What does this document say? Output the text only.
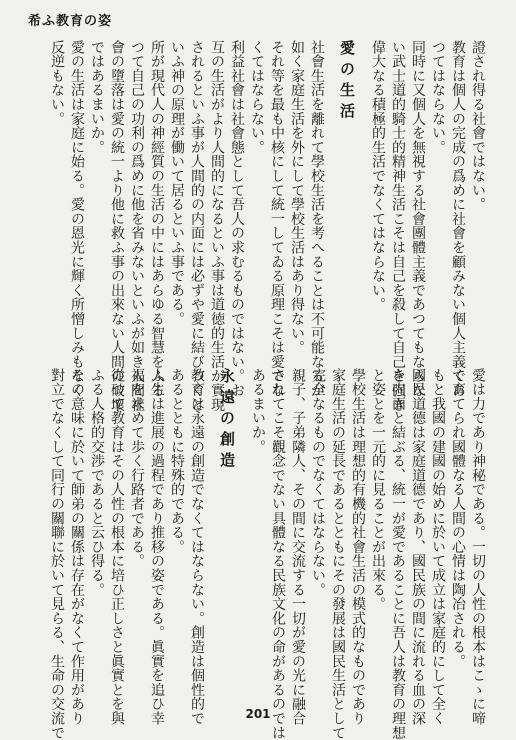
希ふ教育の姿
證され得る社會ではない。
教育は個人の完成の爲めに社會を顧みない個人主義であ
つてはならない。
同時に又個人を無視する社會團體主義であつてもならな
い武士道的騎士的精神生活こそは自己を殺して自己を强き
偉大なる積極的生活でなくてはならない。
愛の生活
社會生活を離れて學校生活を考へることは不可能なるが
如く家庭生活を外にして學校生活はあり得ない。
それ等を最も中核にして統一してゐる原理こそは愛でな
くてはならない。
利益社會は社會態として吾人の求むるものではない。お
互の生活がより人間的になるといふ事は道徳的生活が實現
されるといふ事が人間的の内面には必ずや愛に結びつくと
いふ神の原理が働いて居るといふ事である。
所が現代人の神經質の生活の中にはあらゆる智慧をふる
つて自己の功利の爲めに他を省みないといふが如き人間社
會の墮落は愛の統一より他に救ふ事の出來ない人間の破壞
ではあるまいか。
愛の生活は家庭に始る。愛の恩光に輝く所憎しみもなく
反逆もない。
愛は力であり神秘である。一切の人性の根本はこゝに啼
く育てられ國體なる人間の心情は陶冶される。
もと我國の建國の始めに於いて成立は家庭的にして全く
國民道德は家庭道德であり、國民族の間に流れる血の深
き内面と結ぶる、統一が愛であることに吾人は教育の理想
と姿とを一元的に見ることが出來る。
學校生活は理想的有機的社會生活の模式的なものであり
家庭生活の延長であるとともにその發展は國民生活として
完全なるものでなくてはならない。
親子、子弟隣人、その間に交流する一切が愛の光に融合
されてこそ觀念でない具體なる民族文化の命があるのでは
あるまいか。
永遠の創造
教育は永遠の創造でなくてはならない。創造は個性的で
あるとともに特殊的である。
人生は進展の過程であり推移の姿である。眞實を追ひ幸
福を求めて歩く行路者である。
從つて教育はその人性の根本に培ひ正しさと眞實とを與
ふる人格的交渉であると云ひ得る。
その意味に於いて師弟の關係は存在がなくて作用があり
對立でなくして同行の關聯に於いて見らる、生命の交流で	201
